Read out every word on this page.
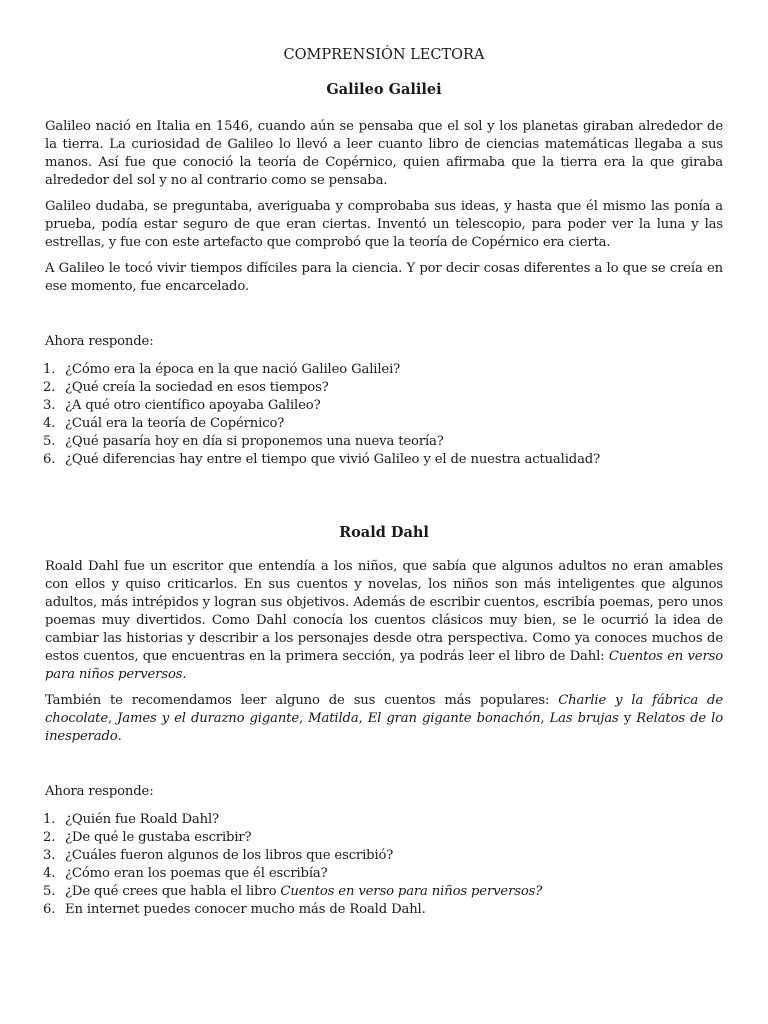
COMPRENSIÓN LECTORA
Galileo Galilei

Galileo nació en Italia en 1546, cuando aún se pensaba que el sol y los planetas giraban alrededor de la tierra. La curiosidad de Galileo lo llevó a leer cuanto libro de ciencias matemáticas llegaba a sus manos. Así fue que conoció la teoría de Copérnico, quien afirmaba que la tierra era la que giraba alrededor del sol y no al contrario como se pensaba.

Galileo dudaba, se preguntaba, averiguaba y comprobaba sus ideas, y hasta que él mismo las ponía a prueba, podía estar seguro de que eran ciertas. Inventó un telescopio, para poder ver la luna y las estrellas, y fue con este artefacto que comprobó que la teoría de Copérnico era cierta.

A Galileo le tocó vivir tiempos difíciles para la ciencia. Y por decir cosas diferentes a lo que se creía en ese momento, fue encarcelado.

Ahora responde:

1. ¿Cómo era la época en la que nació Galileo Galilei?
2. ¿Qué creía la sociedad en esos tiempos?
3. ¿A qué otro científico apoyaba Galileo?
4. ¿Cuál era la teoría de Copérnico?
5. ¿Qué pasaría hoy en día si proponemos una nueva teoría?
6. ¿Qué diferencias hay entre el tiempo que vivió Galileo y el de nuestra actualidad?
Roald Dahl

Roald Dahl fue un escritor que entendía a los niños, que sabía que algunos adultos no eran amables con ellos y quiso criticarlos. En sus cuentos y novelas, los niños son más inteligentes que algunos adultos, más intrépidos y logran sus objetivos. Además de escribir cuentos, escribía poemas, pero unos poemas muy divertidos. Como Dahl conocía los cuentos clásicos muy bien, se le ocurrió la idea de cambiar las historias y describir a los personajes desde otra perspectiva. Como ya conoces muchos de estos cuentos, que encuentras en la primera sección, ya podrás leer el libro de Dahl: Cuentos en verso para niños perversos.

También te recomendamos leer alguno de sus cuentos más populares: Charlie y la fábrica de chocolate, James y el durazno gigante, Matilda, El gran gigante bonachón, Las brujas y Relatos de lo inesperado.

Ahora responde:

1. ¿Quién fue Roald Dahl?
2. ¿De qué le gustaba escribir?
3. ¿Cuáles fueron algunos de los libros que escribió?
4. ¿Cómo eran los poemas que él escribía?
5. ¿De qué crees que habla el libro Cuentos en verso para niños perversos?
6. En internet puedes conocer mucho más de Roald Dahl.
